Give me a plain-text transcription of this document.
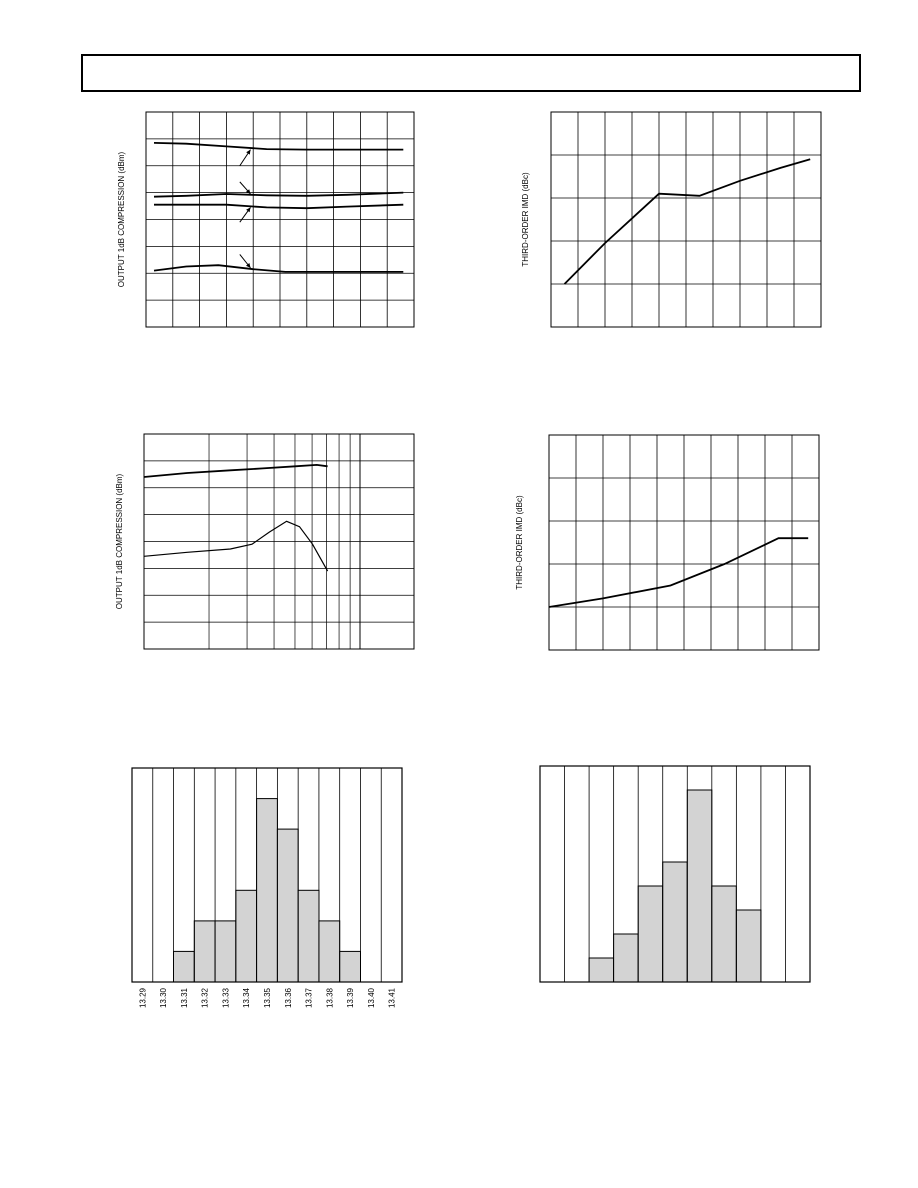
OUTPUT 1dB COMPRESSION (dBm)	THIRD-ORDER IMD (dBc)
OUTPUT 1dB COMPRESSION (dBm)	THIRD-ORDER IMD (dBc)
13.29 13.30 13.31 13.32 13.33 13.34 13.35 13.36 13.37 13.38 13.39 13.40 13.41
